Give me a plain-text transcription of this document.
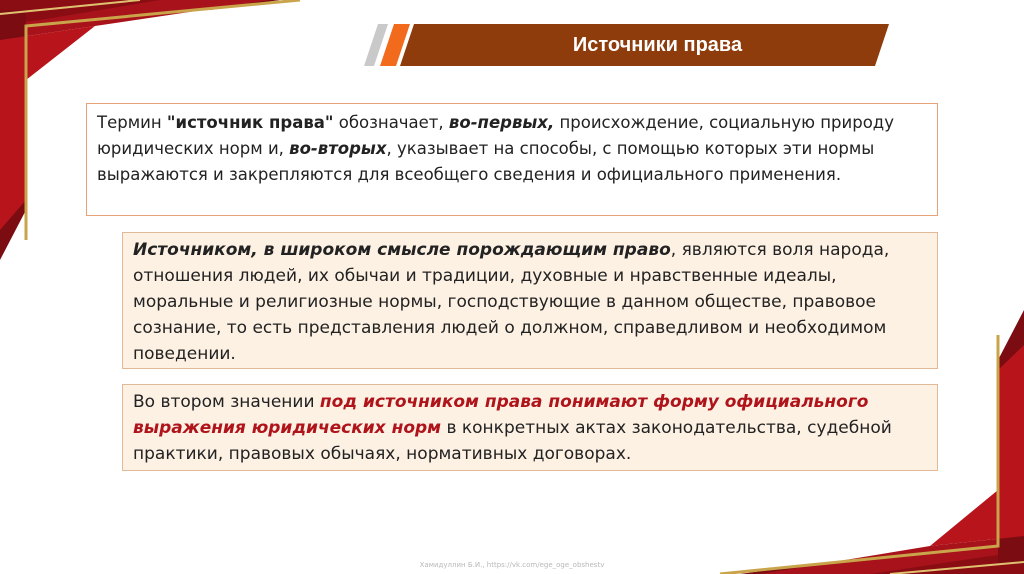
Источники права

Термин "источник права" обозначает, во-первых, происхождение, социальную природу юридических норм и, во-вторых, указывает на способы, с помощью которых эти нормы выражаются и закрепляются для всеобщего сведения и официального применения.

Источником, в широком смысле порождающим право, являются воля народа, отношения людей, их обычаи и традиции, духовные и нравственные идеалы, моральные и религиозные нормы, господствующие в данном обществе, правовое сознание, то есть представления людей о должном, справедливом и необходимом поведении.

Во втором значении под источником права понимают форму официального выражения юридических норм в конкретных актах законодательства, судебной практики, правовых обычаях, нормативных договорах.

Хамидуллин Б.И., https://vk.com/ege_oge_obshestv
